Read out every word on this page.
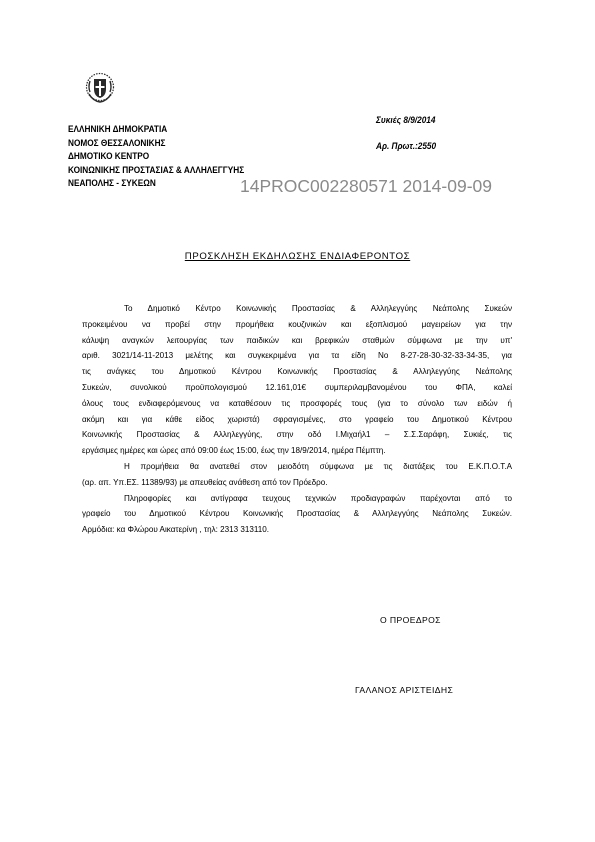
ΕΛΛΗΝΙΚΗ ΔΗΜΟΚΡΑΤΙΑ
ΝΟΜΟΣ ΘΕΣΣΑΛΟΝΙΚΗΣ
ΔΗΜΟΤΙΚΟ ΚΕΝΤΡΟ
ΚΟΙΝΩΝΙΚΗΣ ΠΡΟΣΤΑΣΙΑΣ & ΑΛΛΗΛΕΓΓΥΗΣ
ΝΕΑΠΟΛΗΣ - ΣΥΚΕΩΝ
Συκιές 8/9/2014
Αρ. Πρωτ.:2550
14PROC002280571 2014-09-09
ΠΡΟΣΚΛΗΣΗ ΕΚΔΗΛΩΣΗΣ ΕΝΔΙΑΦΕΡΟΝΤΟΣ
Το Δημοτικό Κέντρο Κοινωνικής Προστασίας & Αλληλεγγύης Νεάπολης Συκεών
προκειμένου να προβεί στην προμήθεια κουζινικών και εξοπλισμού μαγειρείων για την
κάλυψη αναγκών λειτουργίας των παιδικών και βρεφικών σταθμών σύμφωνα με την υπ'
αριθ. 3021/14-11-2013 μελέτης και συγκεκριμένα για τα είδη Νο 8-27-28-30-32-33-34-35, για
τις ανάγκες του Δημοτικού Κέντρου Κοινωνικής Προστασίας & Αλληλεγγύης Νεάπολης
Συκεών, συνολικού προϋπολογισμού 12.161,01€ συμπεριλαμβανομένου του ΦΠΑ, καλεί
όλους τους ενδιαφερόμενους να καταθέσουν τις προσφορές τους (για το σύνολο των ειδών ή
ακόμη και για κάθε είδος χωριστά) σφραγισμένες, στο γραφείο του Δημοτικού Κέντρου
Κοινωνικής Προστασίας & Αλληλεγγύης, στην οδό Ι.Μιχαήλ1 – Σ.Σ.Σαράφη, Συκιές, τις
εργάσιμες ημέρες και ώρες από 09:00 έως 15:00, έως την 18/9/2014, ημέρα Πέμπτη.
Η προμήθεια θα ανατεθεί στον μειοδότη σύμφωνα με τις διατάξεις του Ε.Κ.Π.Ο.Τ.Α
(αρ. απ. Υπ.ΕΣ. 11389/93) με απευθείας ανάθεση από τον Πρόεδρο.
Πληροφορίες και αντίγραφα τευχους τεχνικών προδιαγραφών παρέχονται από το
γραφείο του Δημοτικού Κέντρου Κοινωνικής Προστασίας & Αλληλεγγύης Νεάπολης Συκεών.
Αρμόδια: κα Φλώρου Αικατερίνη , τηλ: 2313 313110.
Ο ΠΡΟΕΔΡΟΣ
ΓΑΛΑΝΟΣ ΑΡΙΣΤΕΙΔΗΣ
